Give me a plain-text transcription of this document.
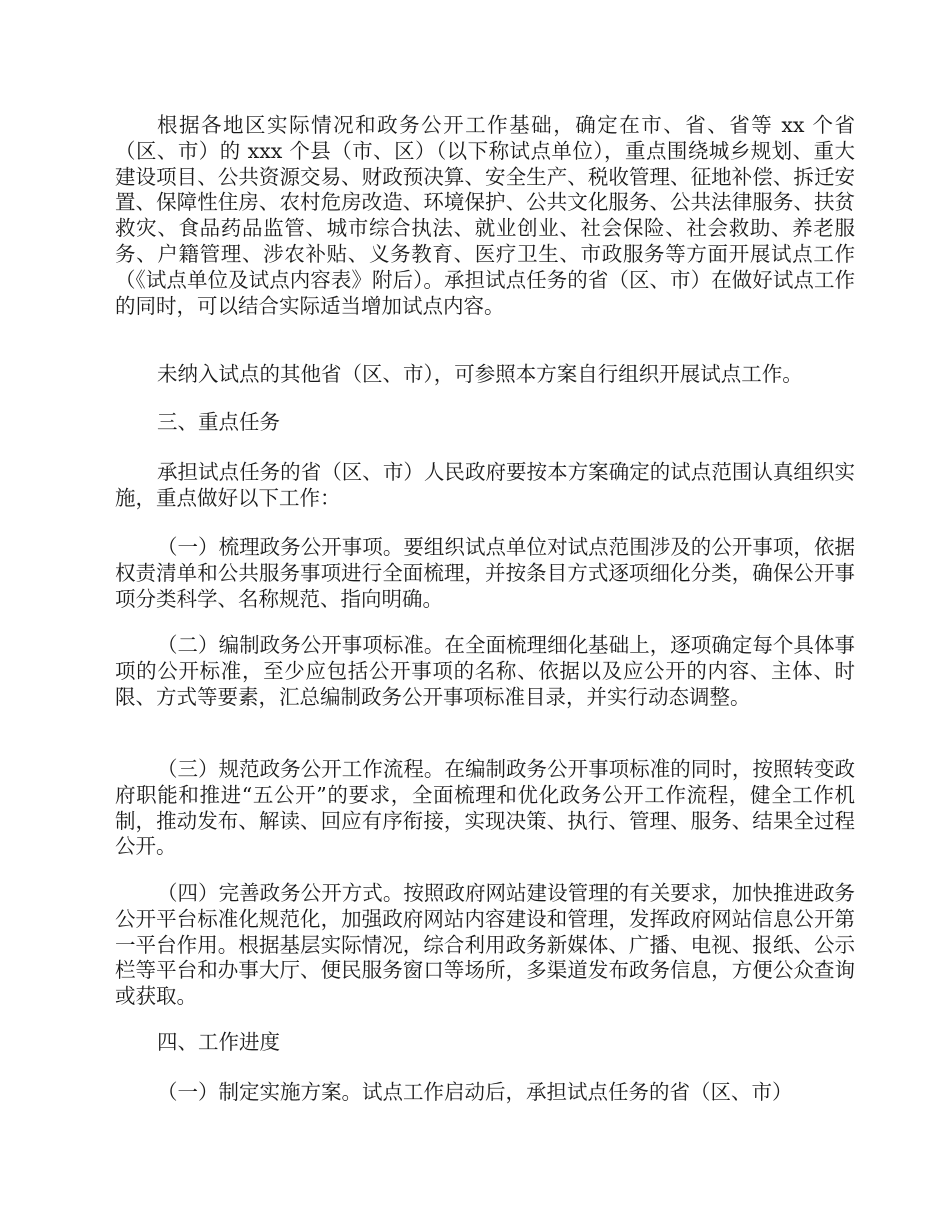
根据各地区实际情况和政务公开工作基础，确定在市、省、省等 xx 个省（区、市）的 xxx 个县（市、区）（以下称试点单位），重点围绕城乡规划、重大建设项目、公共资源交易、财政预决算、安全生产、税收管理、征地补偿、拆迁安置、保障性住房、农村危房改造、环境保护、公共文化服务、公共法律服务、扶贫救灾、食品药品监管、城市综合执法、就业创业、社会保险、社会救助、养老服务、户籍管理、涉农补贴、义务教育、医疗卫生、市政服务等方面开展试点工作（《试点单位及试点内容表》附后）。承担试点任务的省（区、市）在做好试点工作的同时，可以结合实际适当增加试点内容。

未纳入试点的其他省（区、市），可参照本方案自行组织开展试点工作。

三、重点任务

承担试点任务的省（区、市）人民政府要按本方案确定的试点范围认真组织实施，重点做好以下工作：

（一）梳理政务公开事项。要组织试点单位对试点范围涉及的公开事项，依据权责清单和公共服务事项进行全面梳理，并按条目方式逐项细化分类，确保公开事项分类科学、名称规范、指向明确。

（二）编制政务公开事项标准。在全面梳理细化基础上，逐项确定每个具体事项的公开标准，至少应包括公开事项的名称、依据以及应公开的内容、主体、时限、方式等要素，汇总编制政务公开事项标准目录，并实行动态调整。

（三）规范政务公开工作流程。在编制政务公开事项标准的同时，按照转变政府职能和推进“五公开”的要求，全面梳理和优化政务公开工作流程，健全工作机制，推动发布、解读、回应有序衔接，实现决策、执行、管理、服务、结果全过程公开。

（四）完善政务公开方式。按照政府网站建设管理的有关要求，加快推进政务公开平台标准化规范化，加强政府网站内容建设和管理，发挥政府网站信息公开第一平台作用。根据基层实际情况，综合利用政务新媒体、广播、电视、报纸、公示栏等平台和办事大厅、便民服务窗口等场所，多渠道发布政务信息，方便公众查询或获取。

四、工作进度

（一）制定实施方案。试点工作启动后，承担试点任务的省（区、市）
